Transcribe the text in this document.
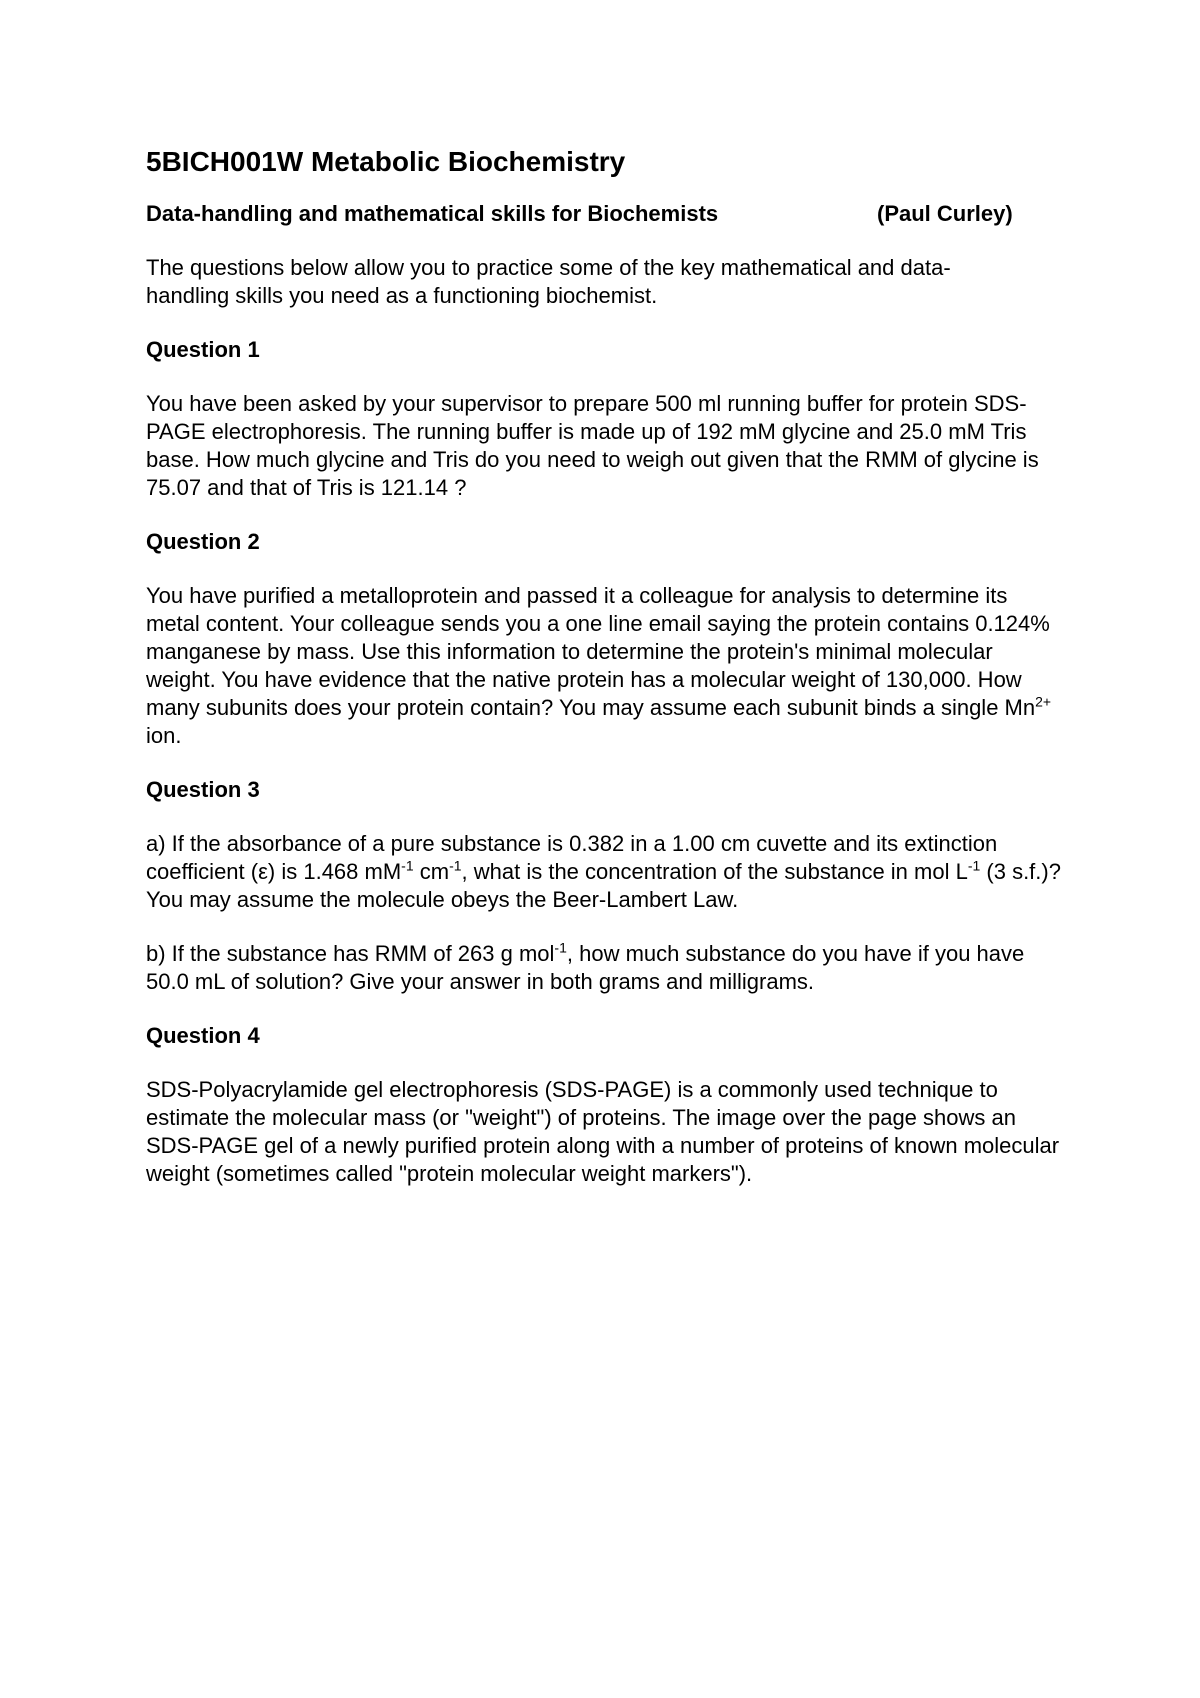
5BICH001W Metabolic Biochemistry
Data-handling and mathematical skills for Biochemists	(Paul Curley)

The questions below allow you to practice some of the key mathematical and data-
handling skills you need as a functioning biochemist.

Question 1

You have been asked by your supervisor to prepare 500 ml running buffer for protein SDS-PAGE electrophoresis. The running buffer is made up of 192 mM glycine and 25.0 mM Tris base. How much glycine and Tris do you need to weigh out given that the RMM of glycine is 75.07 and that of Tris is 121.14 ?

Question 2

You have purified a metalloprotein and passed it a colleague for analysis to determine its metal content. Your colleague sends you a one line email saying the protein contains 0.124% manganese by mass. Use this information to determine the protein's minimal molecular weight. You have evidence that the native protein has a molecular weight of 130,000. How many subunits does your protein contain? You may assume each subunit binds a single $Mn^{2+}$ ion.

Question 3

a) If the absorbance of a pure substance is 0.382 in a 1.00 cm cuvette and its extinction coefficient (ε) is 1.468 $mM^{-1}$ $cm^{-1}$, what is the concentration of the substance in mol $L^{-1}$ (3 s.f.)? You may assume the molecule obeys the Beer-Lambert Law.

b) If the substance has RMM of 263 g mol$^{-1}$, how much substance do you have if you have 50.0 mL of solution? Give your answer in both grams and milligrams.

Question 4

SDS-Polyacrylamide gel electrophoresis (SDS-PAGE) is a commonly used technique to estimate the molecular mass (or "weight") of proteins. The image over the page shows an SDS-PAGE gel of a newly purified protein along with a number of proteins of known molecular weight (sometimes called "protein molecular weight markers").
